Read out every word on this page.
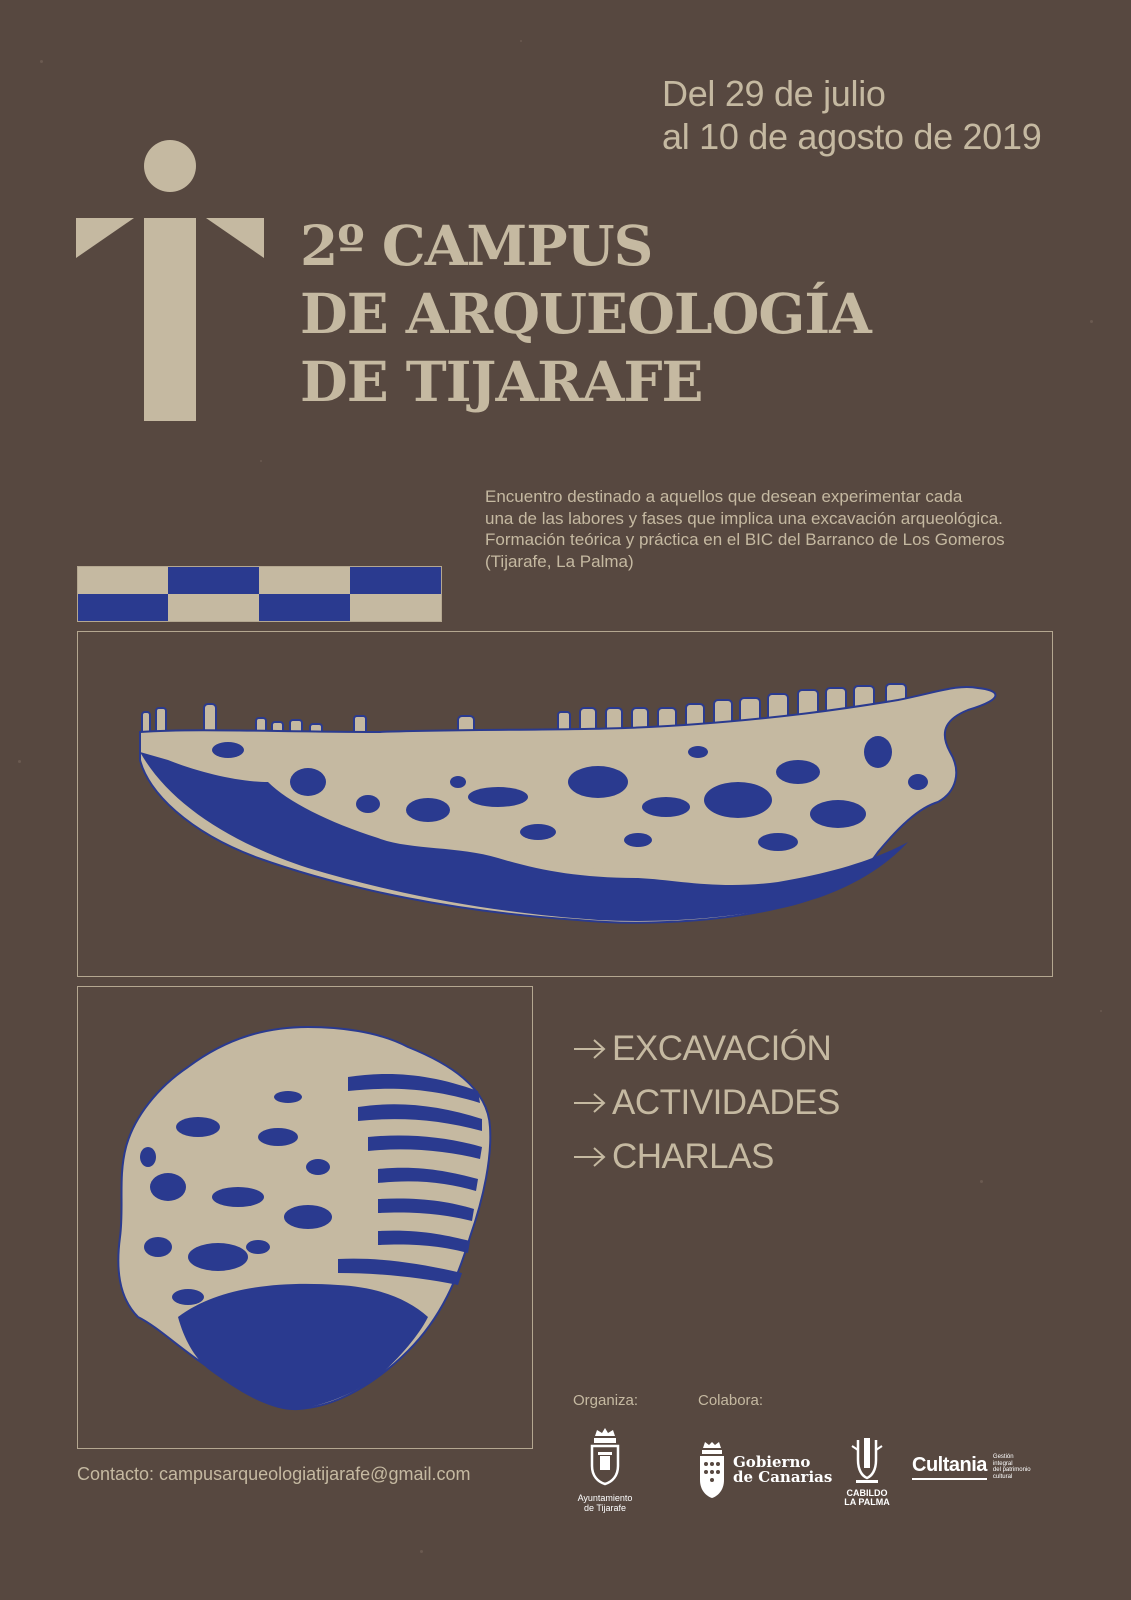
Del 29 de julio
al 10 de agosto de 2019
2º CAMPUS
DE ARQUEOLOGÍA
DE TIJARAFE
Encuentro destinado a aquellos que desean experimentar cada
una de las labores y fases que implica una excavación arqueológica.
Formación teórica y práctica en el BIC del Barranco de Los Gomeros
(Tijarafe, La Palma)
EXCAVACIÓN
ACTIVIDADES
CHARLAS
Organiza:	Colabora:
Contacto: campusarqueologiatijarafe@gmail.com
Ayuntamiento
de Tijarafe
Gobierno
de Canarias
CABILDO
LA PALMA
Cultania Gestión
integral
del patrimonio
cultural
